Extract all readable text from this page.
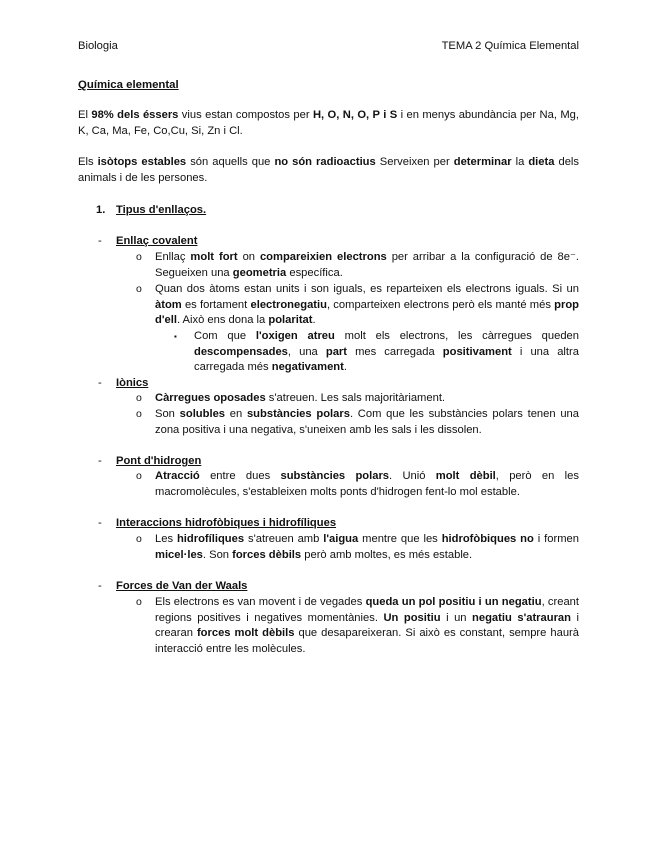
Biologia	TEMA 2 Química Elemental
Química elemental
El 98% dels éssers vius estan compostos per H, O, N, O, P i S i en menys abundància per Na, Mg, K, Ca, Ma, Fe, Co,Cu, Si, Zn i Cl.
Els isòtops estables són aquells que no són radioactius Serveixen per determinar la dieta dels animals i de les persones.
1. Tipus d'enllaços.
- Enllaç covalent
o Enllaç molt fort on compareixien electrons per arribar a la configuració de 8e⁻. Segueixen una geometria específica.
o Quan dos àtoms estan units i son iguals, es reparteixen els electrons iguals. Si un àtom es fortament electronegatiu, comparteixen electrons però els manté més prop d'ell. Això ens dona la polaritat.
▪ Com que l'oxigen atreu molt els electrons, les càrregues queden descompensades, una part mes carregada positivament i una altra carregada més negativament.
- Iònics
o Càrregues oposades s'atreuen. Les sals majoritàriament.
o Son solubles en substàncies polars. Com que les substàncies polars tenen una zona positiva i una negativa, s'uneixen amb les sals i les dissolen.
- Pont d'hidrogen
o Atracció entre dues substàncies polars. Unió molt dèbil, però en les macromolècules, s'estableixen molts ponts d'hidrogen fent-lo mol estable.
- Interaccions hidrofòbiques i hidrofíliques
o Les hidrofíliques s'atreuen amb l'aigua mentre que les hidrofòbiques no i formen micel·les. Son forces dèbils però amb moltes, es més estable.
- Forces de Van der Waals
o Els electrons es van movent i de vegades queda un pol positiu i un negatiu, creant regions positives i negatives momentànies. Un positiu i un negatiu s'atrauran i crearan forces molt dèbils que desapareixeran. Si això es constant, sempre haurà interacció entre les molècules.
